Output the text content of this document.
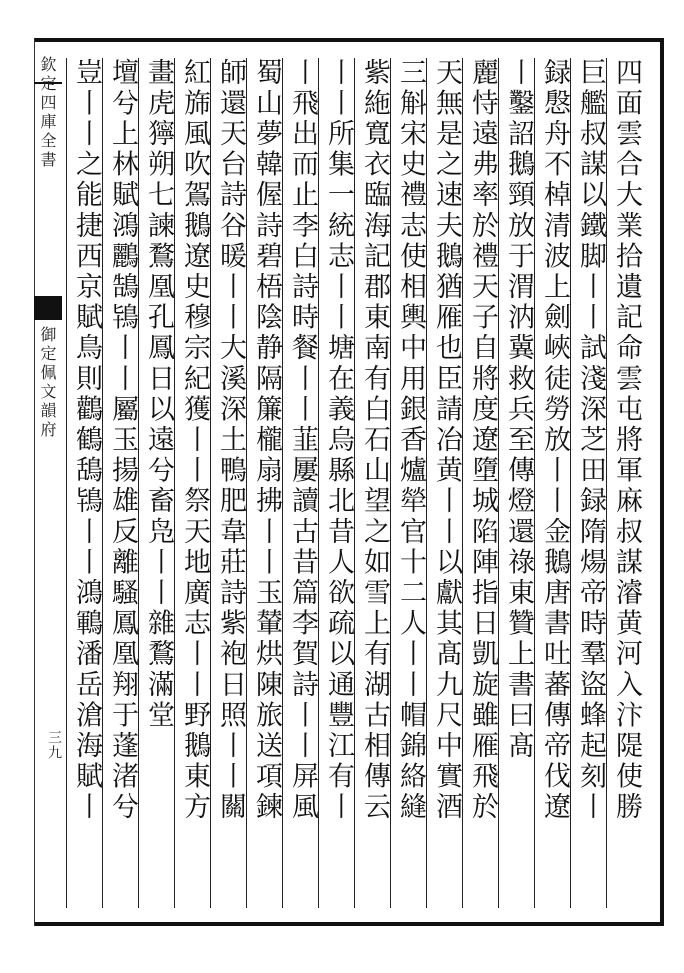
欽定四庫全書
御定佩文韻府
三九	四面雲合大業拾遺記命雲屯將軍麻叔謀濬黄河入汴隄使勝
巨艦叔謀以鐵脚丨丨試淺深芝田録隋煬帝時羣盜蜂起刻丨
録慇舟不棹清波上劍峽徒勞放丨丨金鵝唐書吐蕃傳帝伐遼
丨鑿詔鵝頸放于渭汭冀救兵至傳燈還祿東贊上書曰髙
麗恃遠弗率於禮天子自將度遼墮城陷陣指日凱旋雖雁飛於
天無是之速夫鵝猶雁也臣請冶黄丨丨以獻其髙九尺中實酒
三斛宋史禮志使相輿中用銀香爐犖官十二人丨丨帽錦絡縫
紫絁寬衣臨海記郡東南有白石山望之如雪上有湖古相傳云
丨丨所集一統志丨丨塘在義烏縣北昔人欲疏以通豐江有丨
丨飛出而止李白詩時餐丨丨韮屢讀古昔篇李賀詩丨丨屏風
蜀山夢韓偓詩碧梧陰静隔簾櫳扇拂丨丨玉輦烘陳旅送項鍊
師還天台詩谷暖丨丨大溪深土鴨肥韋莊詩紫袍日照丨丨關
紅旆風吹鴐鵝遼史穆宗紀獲丨丨祭天地廣志丨丨野鵝東方
畫虎獰朔七諫鶩凰孔鳳日以遠兮畜凫丨丨雜鶩滿堂
壇兮上林賦鴻鸝鵠鴇丨丨屬玉揚雄反離騷鳳凰翔于蓬渚兮
豈丨丨之能捷西京賦鳥則鸛鶴鴰鴇丨丨鴻鶤潘岳滄海賦丨
